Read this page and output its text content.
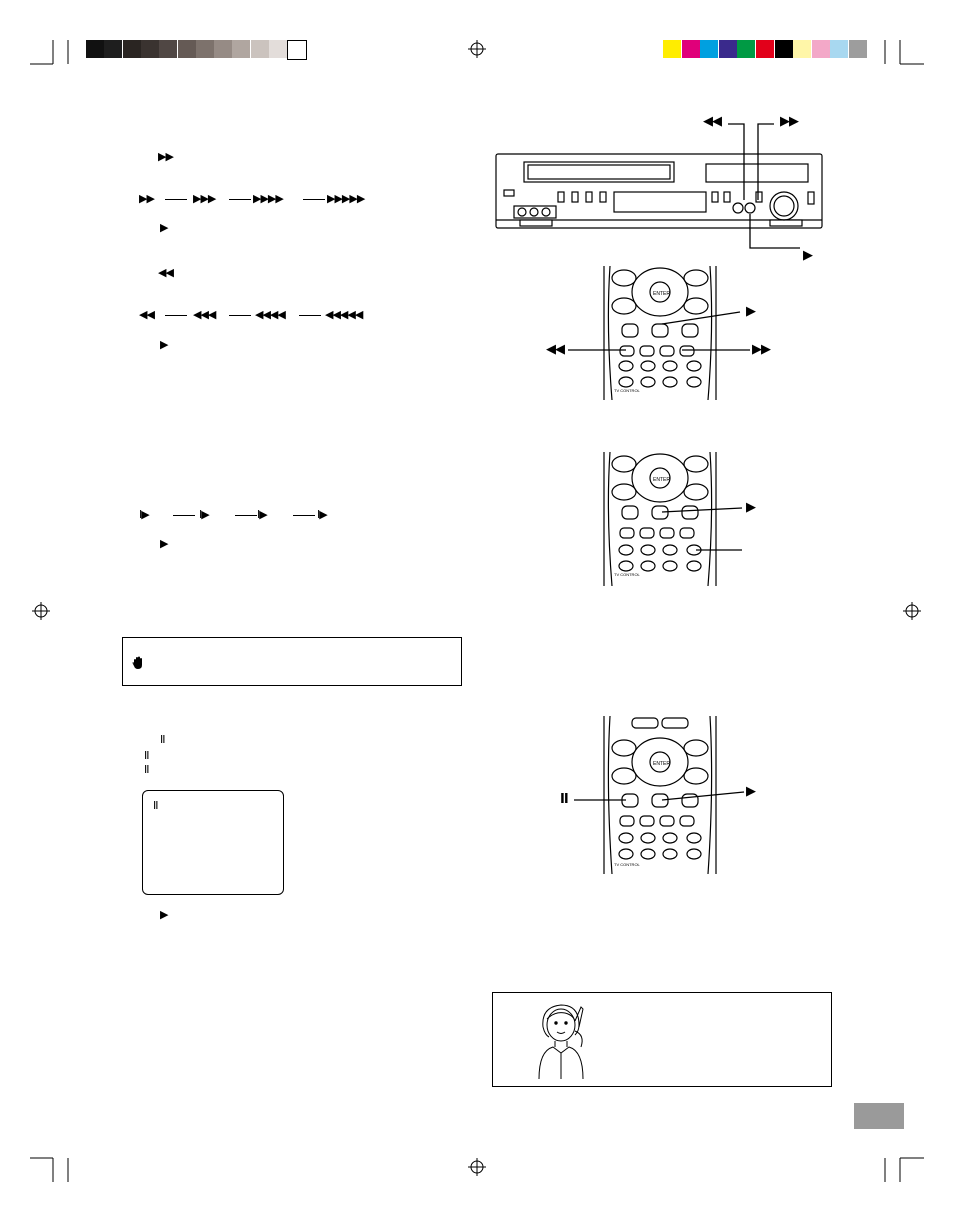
▶▶
▶▶	▶▶▶	▶▶▶▶	▶▶▶▶▶
▶
◀◀
◀◀	◀◀◀	◀◀◀◀	◀◀◀◀◀
▶
I▶	I▶	I▶	I▶
▶
II
II
II
II
▶
◀◀	▶▶
▶
ENTER
TV CONTROL
▶
◀◀	▶▶
ENTER
TV CONTROL
▶
ENTER
TV CONTROL
II
▶
